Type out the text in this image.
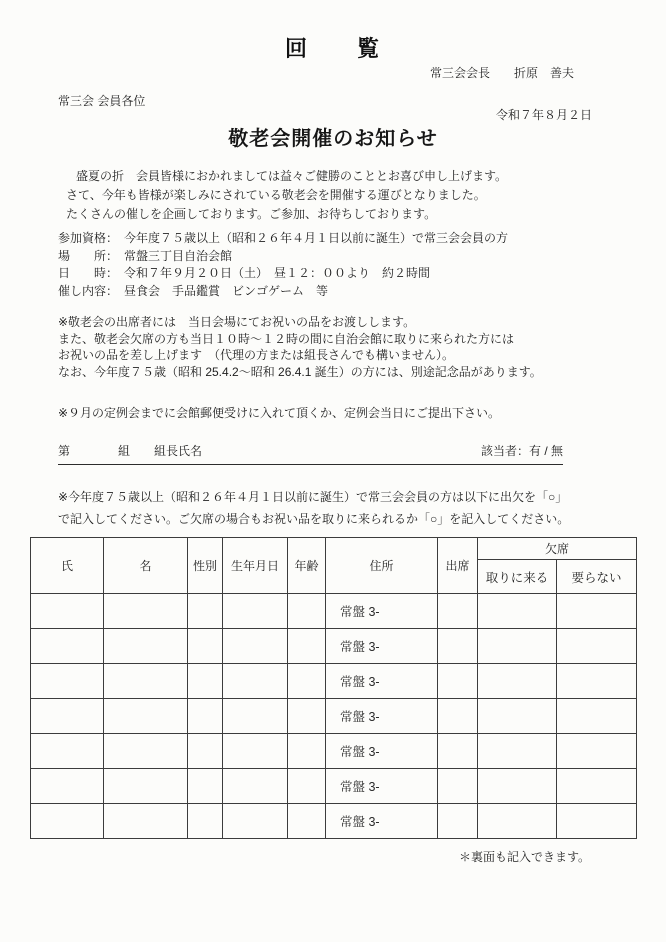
回　　覧
常三会会長　　折原　善夫
常三会 会員各位
令和７年８月２日
敬老会開催のお知らせ
盛夏の折　会員皆様におかれましては益々ご健勝のこととお喜び申し上げます。
さて、今年も皆様が楽しみにされている敬老会を開催する運びとなりました。
たくさんの催しを企画しております。ご参加、お待ちしております。
参加資格：　今年度７５歳以上（昭和２６年４月１日以前に誕生）で常三会会員の方
場　　所：　常盤三丁目自治会館
日　　時：　令和７年９月２０日（土）　昼１２：００より　約２時間
催し内容：　昼食会　手品鑑賞　ビンゴゲーム　等
※敬老会の出席者には　当日会場にてお祝いの品をお渡しします。
また、敬老会欠席の方も当日１０時～１２時の間に自治会館に取りに来られた方には
お祝いの品を差し上げます　（代理の方または組長さんでも構いません）。
なお、今年度７５歳（昭和 25.4.2～昭和 26.4.1 誕生）の方には、別途記念品があります。
※９月の定例会までに会館郵便受けに入れて頂くか、定例会当日にご提出下さい。
第　　　　組　　組長氏名	該当者：有 / 無
※今年度７５歳以上（昭和２６年４月１日以前に誕生）で常三会会員の方は以下に出欠を「○」
で記入してください。ご欠席の場合もお祝い品を取りに来られるか「○」を記入してください。
氏	名	性別	生年月日	年齢	住所	出席	欠席	
							取りに来る	要らない
					常盤 3-			
					常盤 3-			
					常盤 3-			
					常盤 3-			
					常盤 3-			
					常盤 3-			
					常盤 3-			
＊裏面も記入できます。
